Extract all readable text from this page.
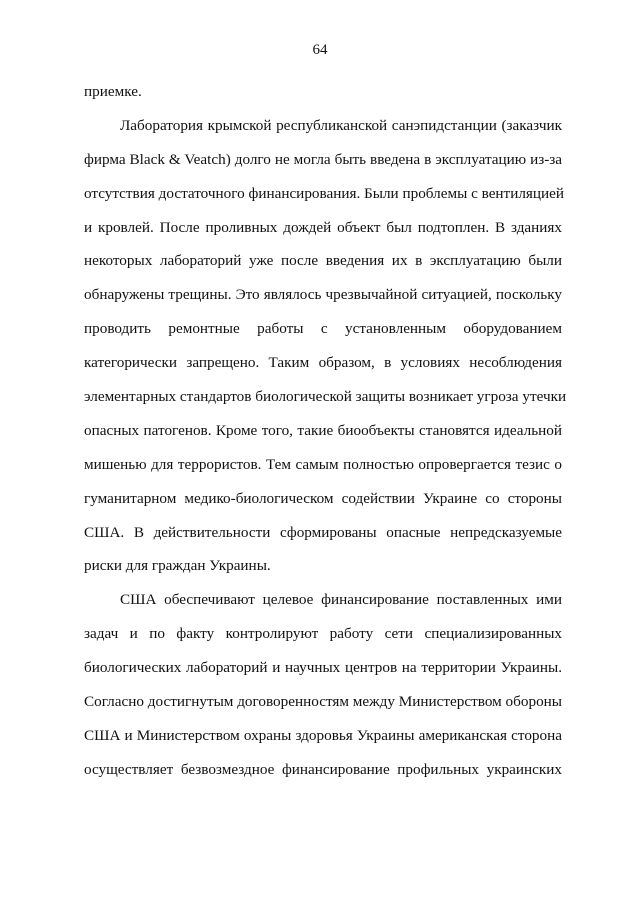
64
приемке.
Лаборатория крымской республиканской санэпидстанции (заказчик
фирма Black & Veatch) долго не могла быть введена в эксплуатацию из-за
отсутствия достаточного финансирования. Были проблемы с вентиляцией
и кровлей. После проливных дождей объект был подтоплен. В зданиях
некоторых лабораторий уже после введения их в эксплуатацию были
обнаружены трещины. Это являлось чрезвычайной ситуацией, поскольку
проводить ремонтные работы с установленным оборудованием
категорически запрещено. Таким образом, в условиях несоблюдения
элементарных стандартов биологической защиты возникает угроза утечки
опасных патогенов. Кроме того, такие биообъекты становятся идеальной
мишенью для террористов. Тем самым полностью опровергается тезис о
гуманитарном медико-биологическом содействии Украине со стороны
США. В действительности сформированы опасные непредсказуемые
риски для граждан Украины.
США обеспечивают целевое финансирование поставленных ими
задач и по факту контролируют работу сети специализированных
биологических лабораторий и научных центров на территории Украины.
Согласно достигнутым договоренностям между Министерством обороны
США и Министерством охраны здоровья Украины американская сторона
осуществляет безвозмездное финансирование профильных украинских
